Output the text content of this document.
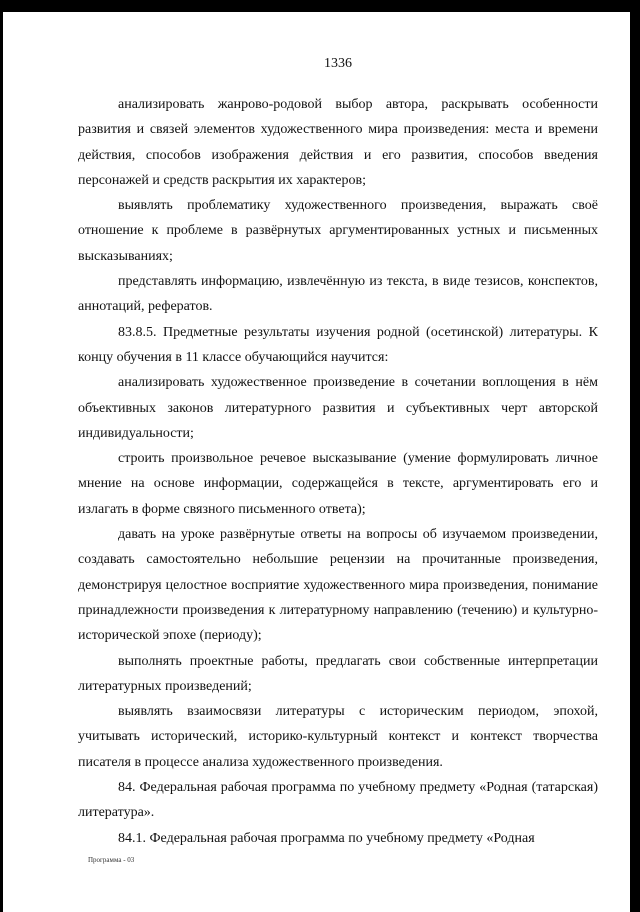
1336

анализировать жанрово-родовой выбор автора, раскрывать особенности развития и связей элементов художественного мира произведения: места и времени действия, способов изображения действия и его развития, способов введения персонажей и средств раскрытия их характеров;

выявлять проблематику художественного произведения, выражать своё отношение к проблеме в развёрнутых аргументированных устных и письменных высказываниях;

представлять информацию, извлечённую из текста, в виде тезисов, конспектов, аннотаций, рефератов.

83.8.5. Предметные результаты изучения родной (осетинской) литературы. К концу обучения в 11 классе обучающийся научится:

анализировать художественное произведение в сочетании воплощения в нём объективных законов литературного развития и субъективных черт авторской индивидуальности;

строить произвольное речевое высказывание (умение формулировать личное мнение на основе информации, содержащейся в тексте, аргументировать его и излагать в форме связного письменного ответа);

давать на уроке развёрнутые ответы на вопросы об изучаемом произведении, создавать самостоятельно небольшие рецензии на прочитанные произведения, демонстрируя целостное восприятие художественного мира произведения, понимание принадлежности произведения к литературному направлению (течению) и культурно-исторической эпохе (периоду);

выполнять проектные работы, предлагать свои собственные интерпретации литературных произведений;

выявлять взаимосвязи литературы с историческим периодом, эпохой, учитывать исторический, историко-культурный контекст и контекст творчества писателя в процессе анализа художественного произведения.

84. Федеральная рабочая программа по учебному предмету «Родная (татарская) литература».

84.1. Федеральная рабочая программа по учебному предмету «Родная

Программа - 03
